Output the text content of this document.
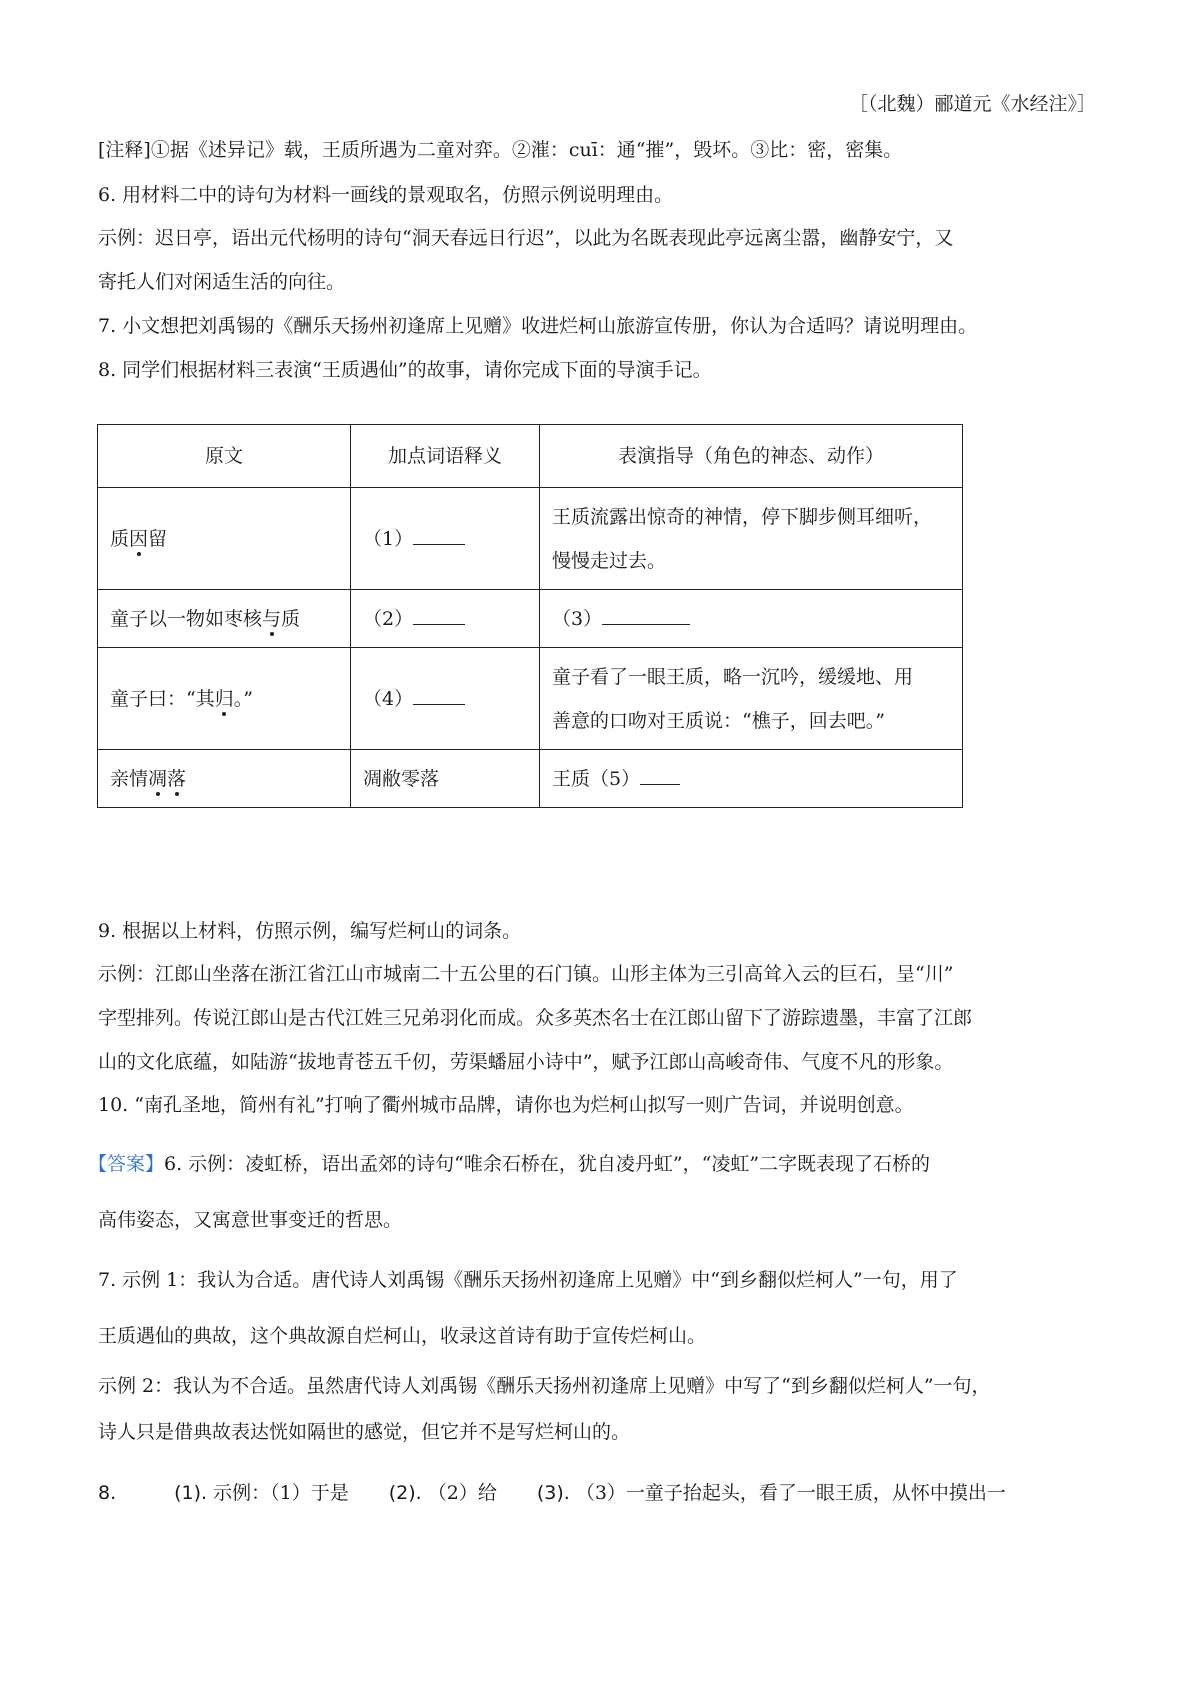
［（北魏）郦道元《水经注》］
[注释]①据《述异记》载，王质所遇为二童对弈。②漼：cuī：通“摧”，毁坏。③比：密，密集。
6. 用材料二中的诗句为材料一画线的景观取名，仿照示例说明理由。
示例：迟日亭，语出元代杨明的诗句“洞天春远日行迟”，以此为名既表现此亭远离尘嚣，幽静安宁，又
寄托人们对闲适生活的向往。
7. 小文想把刘禹锡的《酬乐天扬州初逢席上见赠》收进烂柯山旅游宣传册，你认为合适吗？请说明理由。
8. 同学们根据材料三表演“王质遇仙”的故事，请你完成下面的导演手记。
原文	加点词语释义	表演指导（角色的神态、动作）
质因留	（1）	王质流露出惊奇的神情，停下脚步侧耳细听，
慢慢走过去。

童子以一物如枣核与质	（2）	（3）
童子曰：“其归。”	（4）	童子看了一眼王质，略一沉吟，缓缓地、用
善意的口吻对王质说：“樵子，回去吧。”

亲情凋落	凋敝零落	王质（5）
9. 根据以上材料，仿照示例，编写烂柯山的词条。
示例：江郎山坐落在浙江省江山市城南二十五公里的石门镇。山形主体为三引高耸入云的巨石，呈“川”
字型排列。传说江郎山是古代江姓三兄弟羽化而成。众多英杰名士在江郎山留下了游踪遗墨，丰富了江郎
山的文化底蕴，如陆游“拔地青苍五千仞，劳渠蟠屈小诗中”，赋予江郎山高峻奇伟、气度不凡的形象。
10. “南孔圣地，简州有礼”打响了衢州城市品牌，请你也为烂柯山拟写一则广告词，并说明创意。
【答案】6. 示例：凌虹桥，语出孟郊的诗句“唯余石桥在，犹自凌丹虹”，“凌虹”二字既表现了石桥的
高伟姿态，又寓意世事变迁的哲思。
7. 示例 1：我认为合适。唐代诗人刘禹锡《酬乐天扬州初逢席上见赠》中“到乡翻似烂柯人”一句，用了
王质遇仙的典故，这个典故源自烂柯山，收录这首诗有助于宣传烂柯山。
示例 2：我认为不合适。虽然唐代诗人刘禹锡《酬乐天扬州初逢席上见赠》中写了“到乡翻似烂柯人”一句，
诗人只是借典故表达恍如隔世的感觉，但它并不是写烂柯山的。
8.	(1). 示例：（1）于是 (2). （2）给 (3). （3）一童子抬起头，看了一眼王质，从怀中摸出一
